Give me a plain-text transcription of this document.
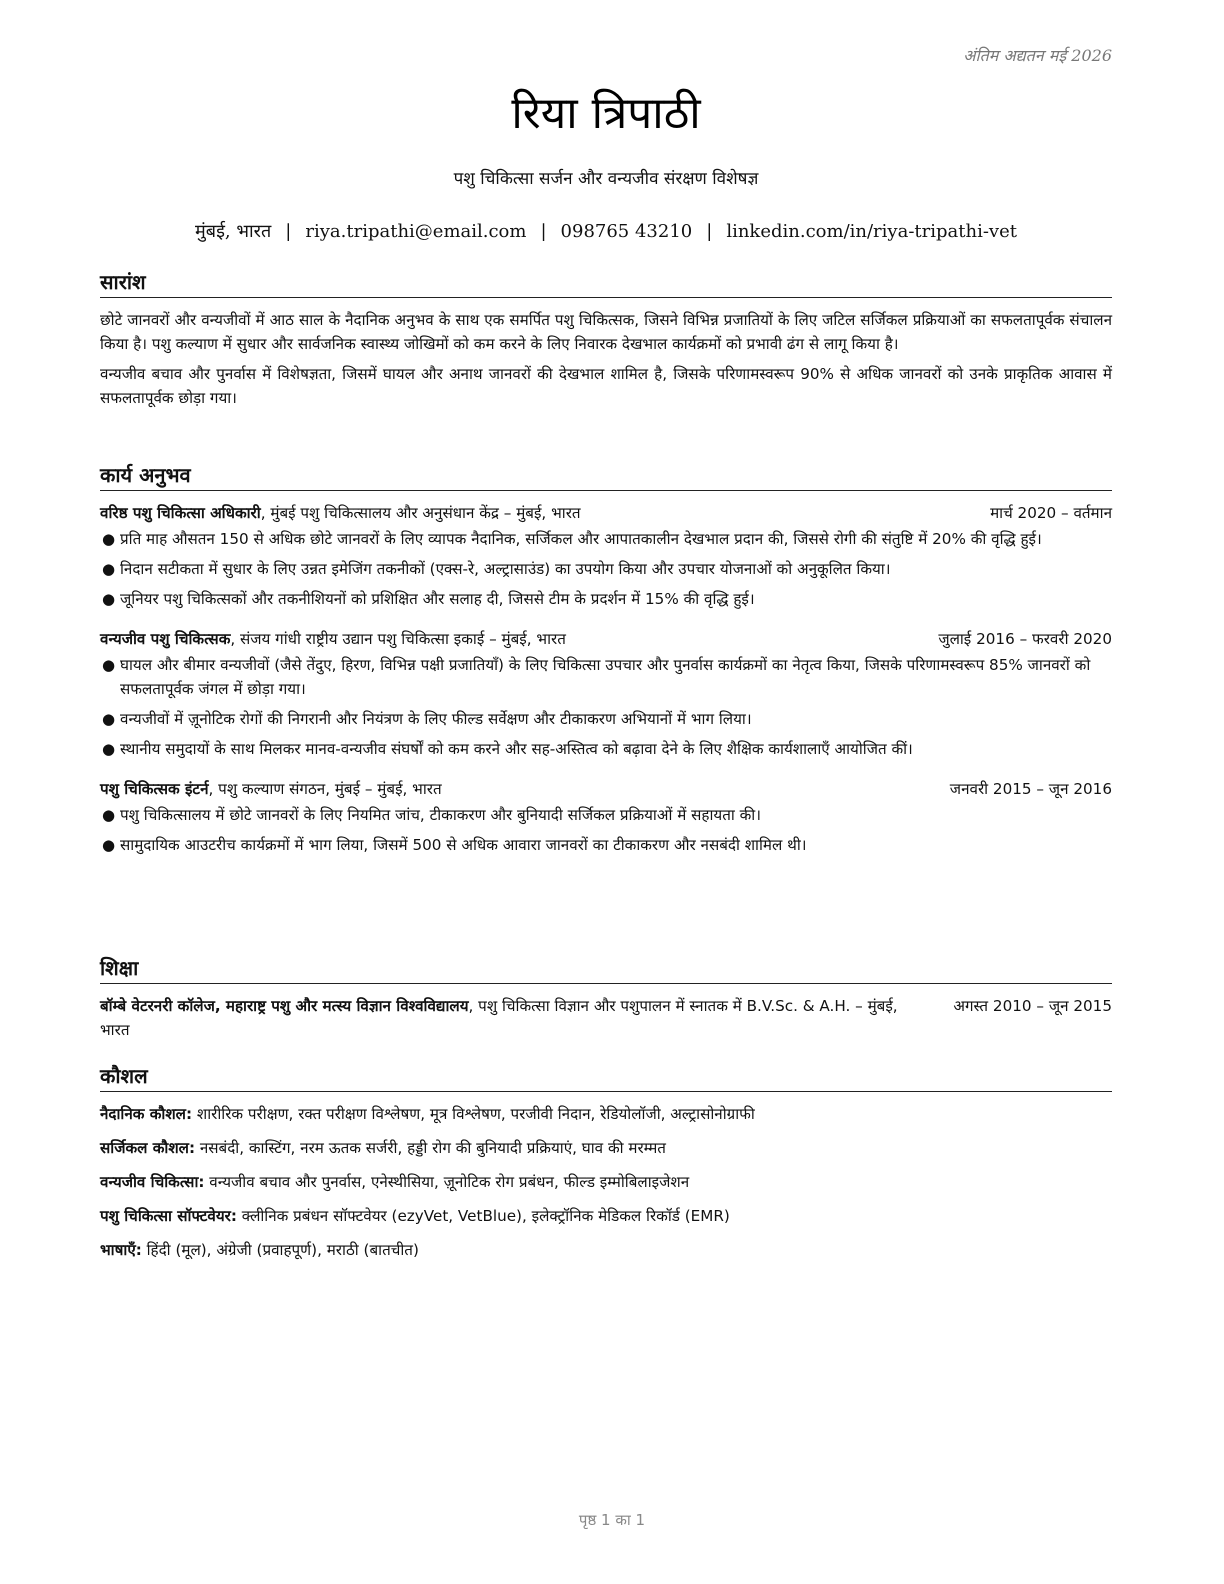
अंतिम अद्यतन मई 2026
रिया त्रिपाठी
पशु चिकित्सा सर्जन और वन्यजीव संरक्षण विशेषज्ञ
मुंबई, भारत | riya.tripathi@email.com | 098765 43210 | linkedin.com/in/riya-tripathi-vet
सारांश

छोटे जानवरों और वन्यजीवों में आठ साल के नैदानिक अनुभव के साथ एक समर्पित पशु चिकित्सक, जिसने विभिन्न प्रजातियों के लिए जटिल सर्जिकल प्रक्रियाओं का सफलतापूर्वक संचालन किया है। पशु कल्याण में सुधार और सार्वजनिक स्वास्थ्य जोखिमों को कम करने के लिए निवारक देखभाल कार्यक्रमों को प्रभावी ढंग से लागू किया है।

वन्यजीव बचाव और पुनर्वास में विशेषज्ञता, जिसमें घायल और अनाथ जानवरों की देखभाल शामिल है, जिसके परिणामस्वरूप 90% से अधिक जानवरों को उनके प्राकृतिक आवास में सफलतापूर्वक छोड़ा गया।

कार्य अनुभव
वरिष्ठ पशु चिकित्सा अधिकारी, मुंबई पशु चिकित्सालय और अनुसंधान केंद्र – मुंबई, भारत	मार्च 2020 – वर्तमान
● प्रति माह औसतन 150 से अधिक छोटे जानवरों के लिए व्यापक नैदानिक, सर्जिकल और आपातकालीन देखभाल प्रदान की, जिससे रोगी की संतुष्टि में 20% की वृद्धि हुई।
● निदान सटीकता में सुधार के लिए उन्नत इमेजिंग तकनीकों (एक्स-रे, अल्ट्रासाउंड) का उपयोग किया और उपचार योजनाओं को अनुकूलित किया।
● जूनियर पशु चिकित्सकों और तकनीशियनों को प्रशिक्षित और सलाह दी, जिससे टीम के प्रदर्शन में 15% की वृद्धि हुई।
वन्यजीव पशु चिकित्सक, संजय गांधी राष्ट्रीय उद्यान पशु चिकित्सा इकाई – मुंबई, भारत	जुलाई 2016 – फरवरी 2020
● घायल और बीमार वन्यजीवों (जैसे तेंदुए, हिरण, विभिन्न पक्षी प्रजातियाँ) के लिए चिकित्सा उपचार और पुनर्वास कार्यक्रमों का नेतृत्व किया, जिसके परिणामस्वरूप 85% जानवरों को सफलतापूर्वक जंगल में छोड़ा गया।
● वन्यजीवों में ज़ूनोटिक रोगों की निगरानी और नियंत्रण के लिए फील्ड सर्वेक्षण और टीकाकरण अभियानों में भाग लिया।
● स्थानीय समुदायों के साथ मिलकर मानव-वन्यजीव संघर्षों को कम करने और सह-अस्तित्व को बढ़ावा देने के लिए शैक्षिक कार्यशालाएँ आयोजित कीं।
पशु चिकित्सक इंटर्न, पशु कल्याण संगठन, मुंबई – मुंबई, भारत	जनवरी 2015 – जून 2016
● पशु चिकित्सालय में छोटे जानवरों के लिए नियमित जांच, टीकाकरण और बुनियादी सर्जिकल प्रक्रियाओं में सहायता की।
● सामुदायिक आउटरीच कार्यक्रमों में भाग लिया, जिसमें 500 से अधिक आवारा जानवरों का टीकाकरण और नसबंदी शामिल थी।
शिक्षा
बॉम्बे वेटरनरी कॉलेज, महाराष्ट्र पशु और मत्स्य विज्ञान विश्वविद्यालय, पशु चिकित्सा विज्ञान और पशुपालन में स्नातक में B.V.Sc. & A.H. – मुंबई, भारत
अगस्त 2010 – जून 2015
कौशल
नैदानिक कौशल: शारीरिक परीक्षण, रक्त परीक्षण विश्लेषण, मूत्र विश्लेषण, परजीवी निदान, रेडियोलॉजी, अल्ट्रासोनोग्राफी
सर्जिकल कौशल: नसबंदी, कास्टिंग, नरम ऊतक सर्जरी, हड्डी रोग की बुनियादी प्रक्रियाएं, घाव की मरम्मत
वन्यजीव चिकित्सा: वन्यजीव बचाव और पुनर्वास, एनेस्थीसिया, ज़ूनोटिक रोग प्रबंधन, फील्ड इम्मोबिलाइजेशन
पशु चिकित्सा सॉफ्टवेयर: क्लीनिक प्रबंधन सॉफ्टवेयर (ezyVet, VetBlue), इलेक्ट्रॉनिक मेडिकल रिकॉर्ड (EMR)
भाषाएँ: हिंदी (मूल), अंग्रेजी (प्रवाहपूर्ण), मराठी (बातचीत)
पृष्ठ 1 का 1
